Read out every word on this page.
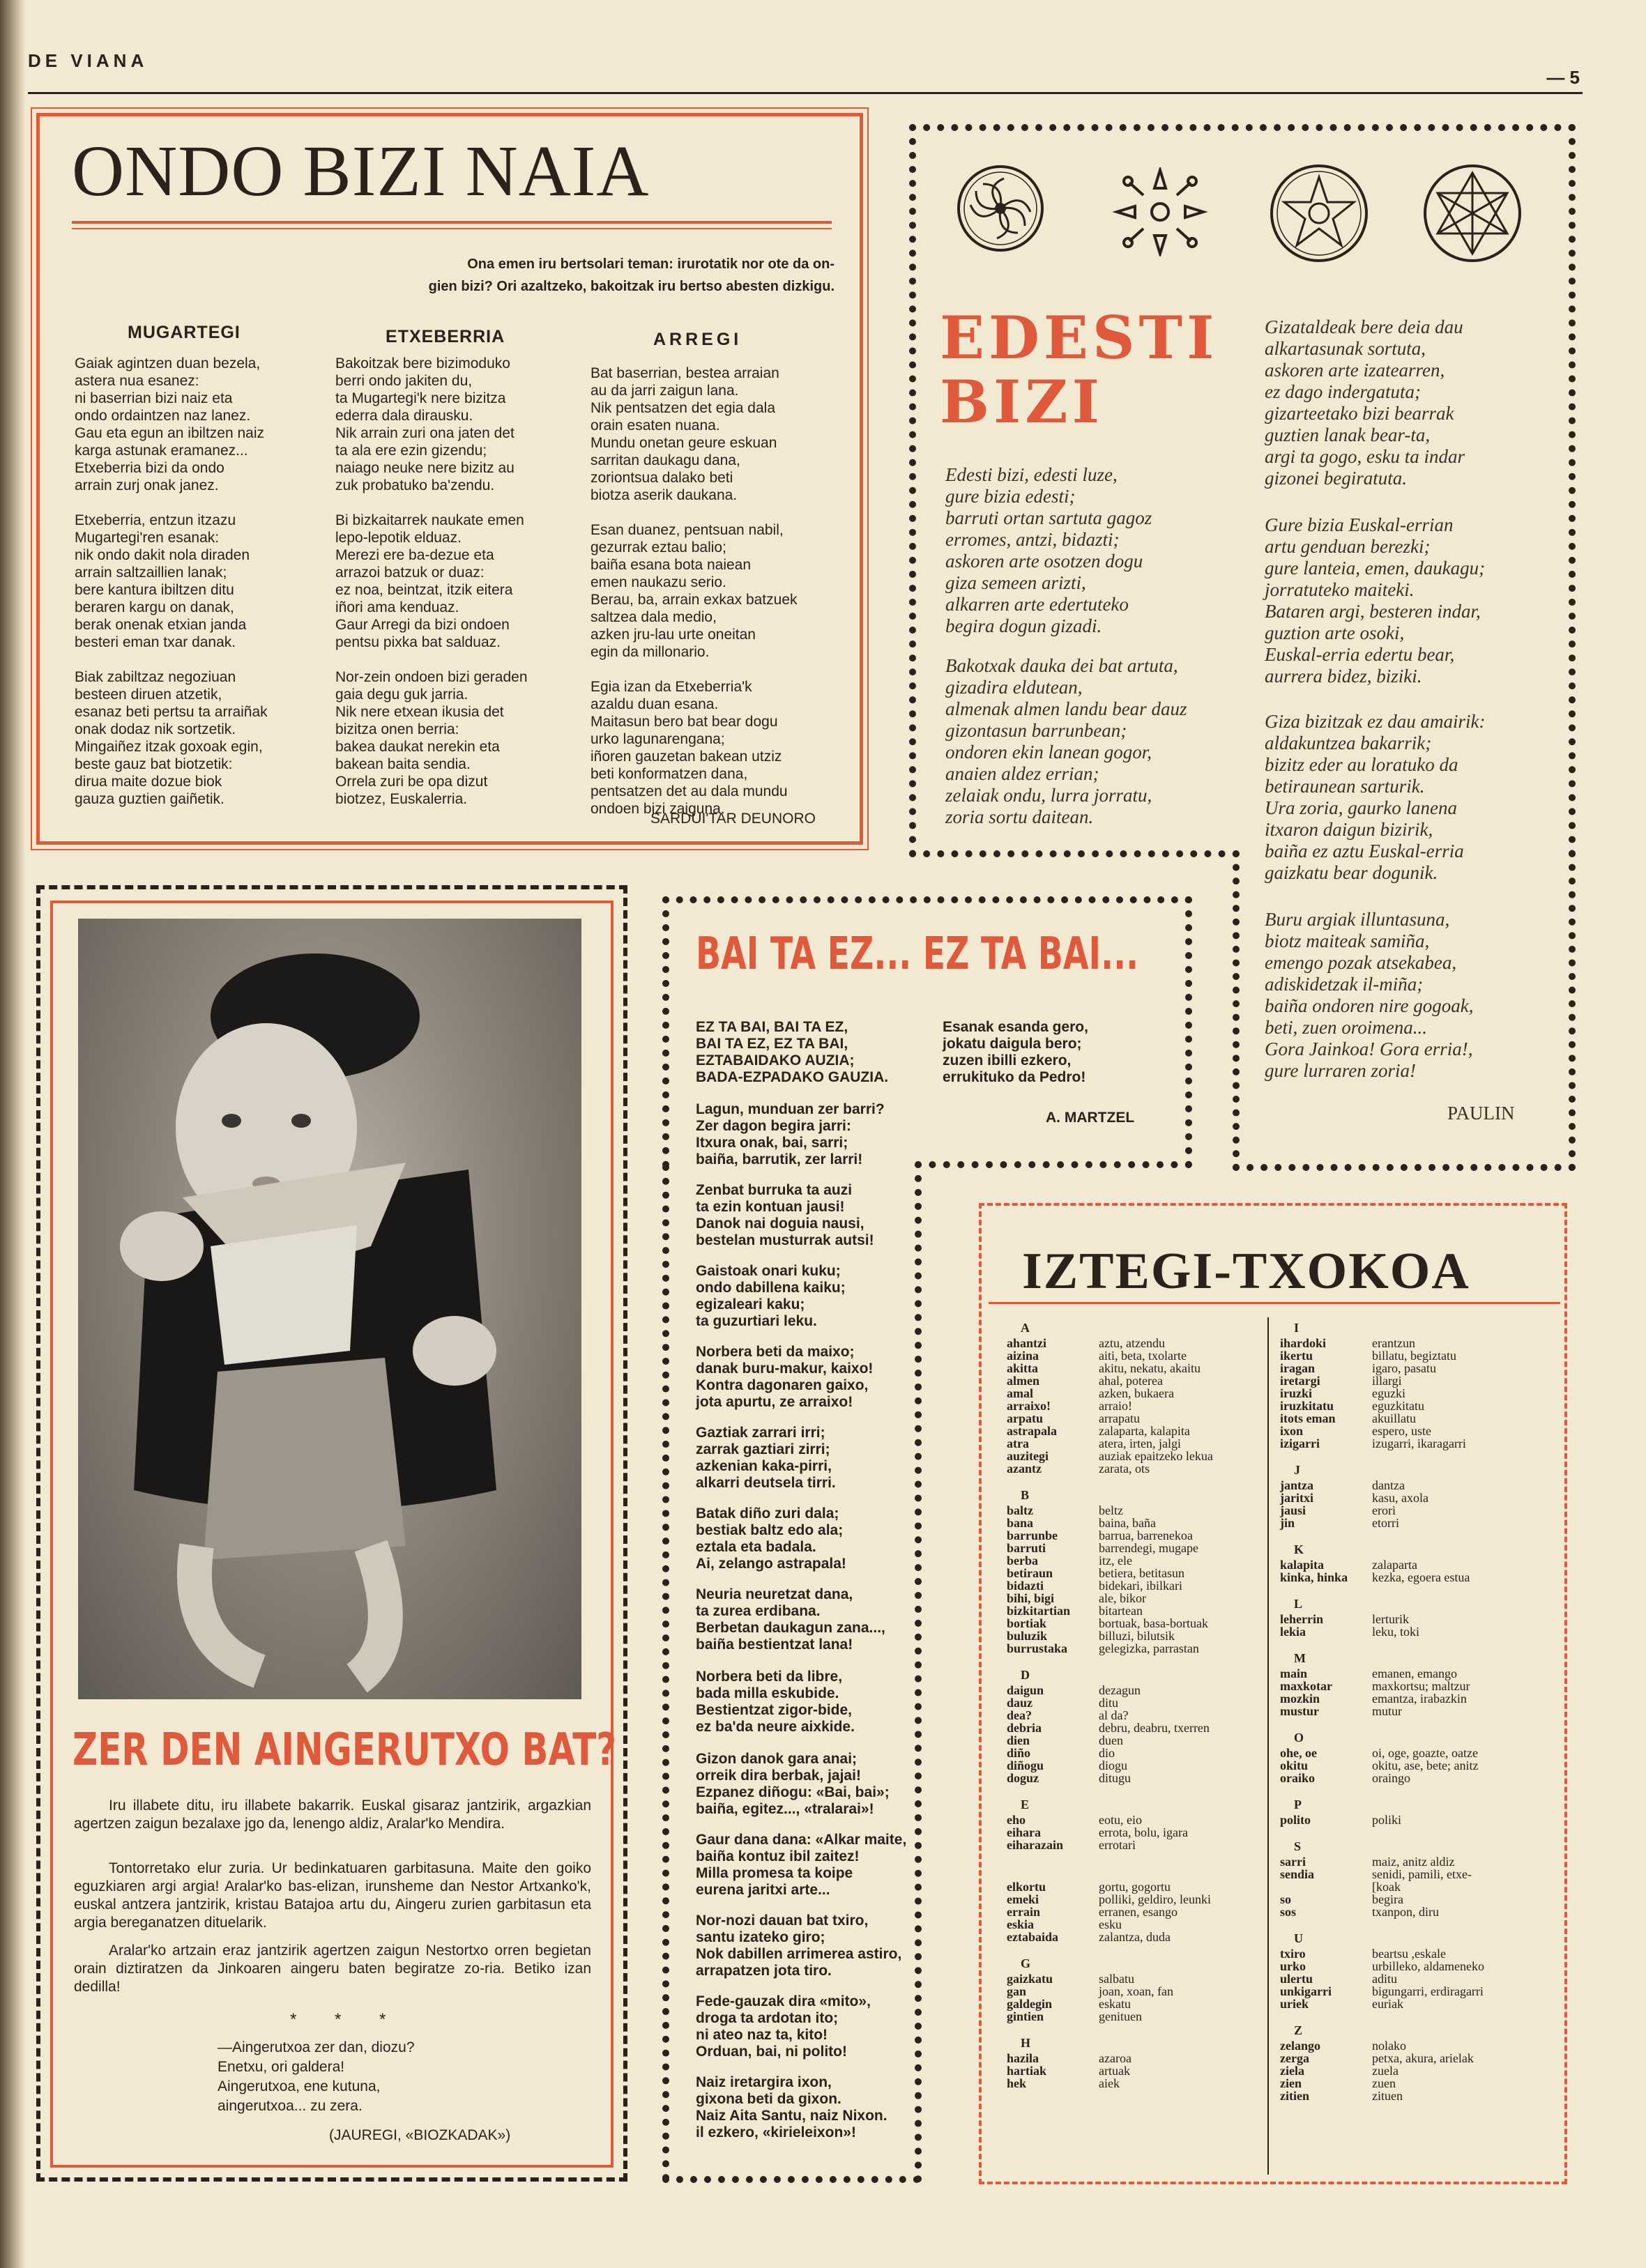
DE VIANA
— 5
ONDO BIZI NAIA
Ona emen iru bertsolari teman: irurotatik nor ote da on-
gien bizi? Ori azaltzeko, bakoitzak iru bertso abesten dizkigu.
MUGARTEGI
Gaiak agintzen duan bezela,
astera nua esanez:
ni baserrian bizi naiz eta
ondo ordaintzen naz lanez.
Gau eta egun an ibiltzen naiz
karga astunak eramanez...
Etxeberria bizi da ondo
arrain zurj onak janez.

Etxeberria, entzun itzazu
Mugartegi'ren esanak:
nik ondo dakit nola diraden
arrain saltzaillien lanak;
bere kantura ibiltzen ditu
beraren kargu on danak,
berak onenak etxian janda
besteri eman txar danak.

Biak zabiltzaz negoziuan
besteen diruen atzetik,
esanaz beti pertsu ta arraiñak
onak dodaz nik sortzetik.
Mingaiñez itzak goxoak egin,
beste gauz bat biotzetik:
dirua maite dozue biok
gauza guztien gaiñetik.
ETXEBERRIA
Bakoitzak bere bizimoduko
berri ondo jakiten du,
ta Mugartegi'k nere bizitza
ederra dala dirausku.
Nik arrain zuri ona jaten det
ta ala ere ezin gizendu;
naiago neuke nere bizitz au
zuk probatuko ba'zendu.

Bi bizkaitarrek naukate emen
lepo-lepotik elduaz.
Merezi ere ba-dezue eta
arrazoi batzuk or duaz:
ez noa, beintzat, itzik eitera
iñori ama kenduaz.
Gaur Arregi da bizi ondoen
pentsu pixka bat salduaz.

Nor-zein ondoen bizi geraden
gaia degu guk jarria.
Nik nere etxean ikusia det
bizitza onen berria:
bakea daukat nerekin eta
bakean baita sendia.
Orrela zuri be opa dizut
biotzez, Euskalerria.
ARREGI
Bat baserrian, bestea arraian
au da jarri zaigun lana.
Nik pentsatzen det egia dala
orain esaten nuana.
Mundu onetan geure eskuan
sarritan daukagu dana,
zoriontsua dalako beti
biotza aserik daukana.

Esan duanez, pentsuan nabil,
gezurrak eztau balio;
baiña esana bota naiean
emen naukazu serio.
Berau, ba, arrain exkax batzuek
saltzea dala medio,
azken jru-lau urte oneitan
egin da millonario.

Egia izan da Etxeberria'k
azaldu duan esana.
Maitasun bero bat bear dogu
urko lagunarengana;
iñoren gauzetan bakean utziz
beti konformatzen dana,
pentsatzen det au dala mundu
ondoen bizi zaiguna.
SARDUI'TAR DEUNORO
EDESTI
BIZI
Edesti bizi, edesti luze,
gure bizia edesti;
barruti ortan sartuta gagoz
erromes, antzi, bidazti;
askoren arte osotzen dogu
giza semeen arizti,
alkarren arte edertuteko
begira dogun gizadi.
Bakotxak dauka dei bat artuta,
gizadira eldutean,
almenak almen landu bear dauz
gizontasun barrunbean;
ondoren ekin lanean gogor,
anaien aldez errian;
zelaiak ondu, lurra jorratu,
zoria sortu daitean.
Gizataldeak bere deia dau
alkartasunak sortuta,
askoren arte izatearren,
ez dago indergatuta;
gizarteetako bizi bearrak
guztien lanak bear-ta,
argi ta gogo, esku ta indar
gizonei begiratuta.
Gure bizia Euskal-errian
artu genduan berezki;
gure lanteia, emen, daukagu;
jorratuteko maiteki.
Bataren argi, besteren indar,
guztion arte osoki,
Euskal-erria edertu bear,
aurrera bidez, biziki.
Giza bizitzak ez dau amairik:
aldakuntzea bakarrik;
bizitz eder au loratuko da
betiraunean sarturik.
Ura zoria, gaurko lanena
itxaron daigun bizirik,
baiña ez aztu Euskal-erria
gaizkatu bear dogunik.
Buru argiak illuntasuna,
biotz maiteak samiña,
emengo pozak atsekabea,
adiskidetzak il-miña;
baiña ondoren nire gogoak,
beti, zuen oroimena...
Gora Jainkoa! Gora erria!,
gure lurraren zoria!
PAULIN
ZER DEN AINGERUTXO BAT?
Iru illabete ditu, iru illabete bakarrik. Euskal gisaraz jantzirik, argazkian agertzen zaigun bezalaxe jgo da, lenengo aldiz, Aralar'ko Mendira.
Tontorretako elur zuria. Ur bedinkatuaren garbitasuna. Maite den goiko eguzkiaren argi argia! Aralar'ko bas-elizan, irunsheme dan Nestor Artxanko'k, euskal antzera jantzirik, kristau Batajoa artu du, Aingeru zurien garbitasun eta argia bereganatzen dituelarik.
Aralar'ko artzain eraz jantzirik agertzen zaigun Nestortxo orren begietan orain diztiratzen da Jinkoaren aingeru baten begiratze zo-ria. Betiko izan dedilla!
* * *
—Aingerutxoa zer dan, diozu?
Enetxu, ori galdera!
Aingerutxoa, ene kutuna,
aingerutxoa... zu zera.
(JAUREGI, «BIOZKADAK»)
BAI TA EZ... EZ TA BAI...
EZ TA BAI, BAI TA EZ,
BAI TA EZ, EZ TA BAI,
EZTABAIDAKO AUZIA;
BADA-EZPADAKO GAUZIA.
Lagun, munduan zer barri?
Zer dagon begira jarri:
Itxura onak, bai, sarri;
baiña, barrutik, zer larri!
Zenbat burruka ta auzi
ta ezin kontuan jausi!
Danok nai doguia nausi,
bestelan musturrak autsi!
Gaistoak onari kuku;
ondo dabillena kaiku;
egizaleari kaku;
ta guzurtiari leku.
Norbera beti da maixo;
danak buru-makur, kaixo!
Kontra dagonaren gaixo,
jota apurtu, ze arraixo!
Gaztiak zarrari irri;
zarrak gaztiari zirri;
azkenian kaka-pirri,
alkarri deutsela tirri.
Batak diño zuri dala;
bestiak baltz edo ala;
eztala eta badala.
Ai, zelango astrapala!
Neuria neuretzat dana,
ta zurea erdibana.
Berbetan daukagun zana...,
baiña bestientzat lana!
Norbera beti da libre,
bada milla eskubide.
Bestientzat zigor-bide,
ez ba'da neure aixkide.
Gizon danok gara anai;
orreik dira berbak, jajai!
Ezpanez diñogu: «Bai, bai»;
baiña, egitez..., «tralarai»!
Gaur dana dana: «Alkar maite,
baiña kontuz ibil zaitez!
Milla promesa ta koipe
eurena jaritxi arte...
Nor-nozi dauan bat txiro,
santu izateko giro;
Nok dabillen arrimerea astiro,
arrapatzen jota tiro.
Fede-gauzak dira «mito»,
droga ta ardotan ito;
ni ateo naz ta, kito!
Orduan, bai, ni polito!
Naiz iretargira ixon,
gixona beti da gixon.
Naiz Aita Santu, naiz Nixon.
il ezkero, «kirieleixon»!
Esanak esanda gero,
jokatu daigula bero;
zuzen ibilli ezkero,
errukituko da Pedro!
A. MARTZEL
IZTEGI-TXOKOA
A
ahantzi
aizina
akitta
almen
amal
arraixo!
arpatu
astrapala
atra
auzitegi
azantz
aztu, atzendu
aiti, beta, txolarte
akitu, nekatu, akaitu
ahal, poterea
azken, bukaera
arraio!
arrapatu
zalaparta, kalapita
atera, irten, jalgi
auziak epaitzeko lekua
zarata, ots
B
baltz
bana
barrunbe
barruti
berba
betiraun
bidazti
bihi, bigi
bizkitartian
bortiak
buluzik
burrustaka
beltz
baina, baña
barrua, barrenekoa
barrendegi, mugape
itz, ele
betiera, betitasun
bidekari, ibilkari
ale, bikor
bitartean
bortuak, basa-bortuak
billuzi, bilutsik
gelegizka, parrastan
D
daigun
dauz
dea?
debria
dien
diño
diñogu
doguz
dezagun
ditu
al da?
debru, deabru, txerren
duen
dio
diogu
ditugu
E
eho
eihara
eiharazain
eotu, eio
errota, bolu, igara
errotari
elkortu
emeki
errain
eskia
eztabaida
gortu, gogortu
polliki, geldiro, leunki
erranen, esango
esku
zalantza, duda
G
gaizkatu
gan
galdegin
gintien
salbatu
joan, xoan, fan
eskatu
genituen
H
hazila
hartiak
hek
azaroa
artuak
aiek
I
ihardoki
ikertu
iragan
iretargi
iruzki
iruzkitatu
itots eman
ixon
izigarri
erantzun
billatu, begiztatu
igaro, pasatu
illargi
eguzki
eguzkitatu
akuillatu
espero, uste
izugarri, ikaragarri
J
jantza
jaritxi
jausi
jin
dantza
kasu, axola
erori
etorri
K
kalapita
kinka, hinka
zalaparta
kezka, egoera estua
L
leherrin
lekia
lerturik
leku, toki
M
main
maxkotar
mozkin
mustur
emanen, emango
maxkortsu; maltzur
emantza, irabazkin
mutur
O
ohe, oe
okitu
oraiko
oi, oge, goazte, oatze
okitu, ase, bete; anitz
oraingo
P
polito	poliki
S
sarri
sendia

so
sos
maiz, anitz aldiz
senidi, pamili, etxe-
[koak
begira
txanpon, diru
U
txiro
urko
ulertu
unkigarri
uriek
beartsu ,eskale
urbilleko, aldameneko
aditu
bigungarri, erdiragarri
euriak
Z
zelango
zerga
ziela
zien
zitien
nolako
petxa, akura, arielak
zuela
zuen
zituen
